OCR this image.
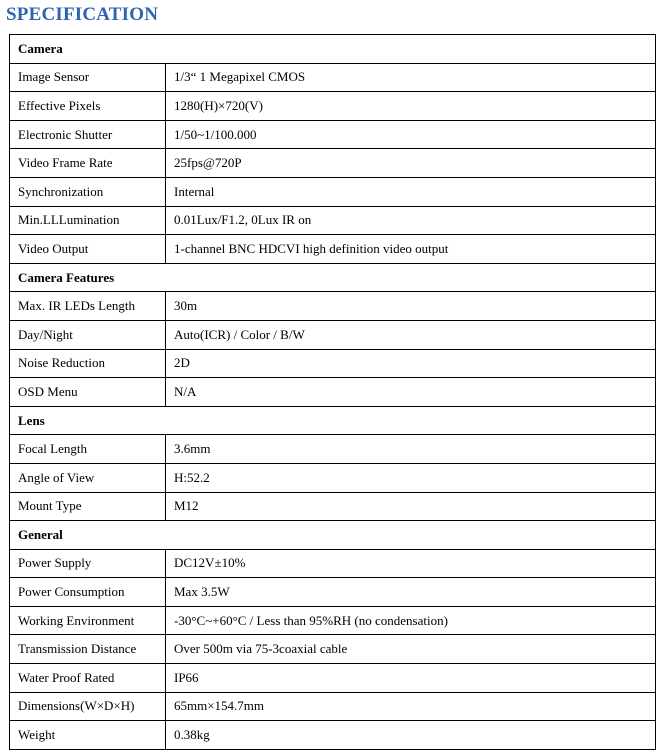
SPECIFICATION
Camera	
Image Sensor	1/3“ 1 Megapixel CMOS
Effective Pixels	1280(H)×720(V)
Electronic Shutter	1/50~1/100.000
Video Frame Rate	25fps@720P
Synchronization	Internal
Min.LLLumination	0.01Lux/F1.2, 0Lux IR on
Video Output	1-channel BNC HDCVI high definition video output
Camera Features	
Max. IR LEDs Length	30m
Day/Night	Auto(ICR) / Color / B/W
Noise Reduction	2D
OSD Menu	N/A
Lens	
Focal Length	3.6mm
Angle of View	H:52.2
Mount Type	M12
General	
Power Supply	DC12V±10%
Power Consumption	Max 3.5W
Working Environment	-30°C~+60°C / Less than 95%RH (no condensation)
Transmission Distance	Over 500m via 75-3coaxial cable
Water Proof Rated	IP66
Dimensions(W×D×H)	65mm×154.7mm
Weight	0.38kg
